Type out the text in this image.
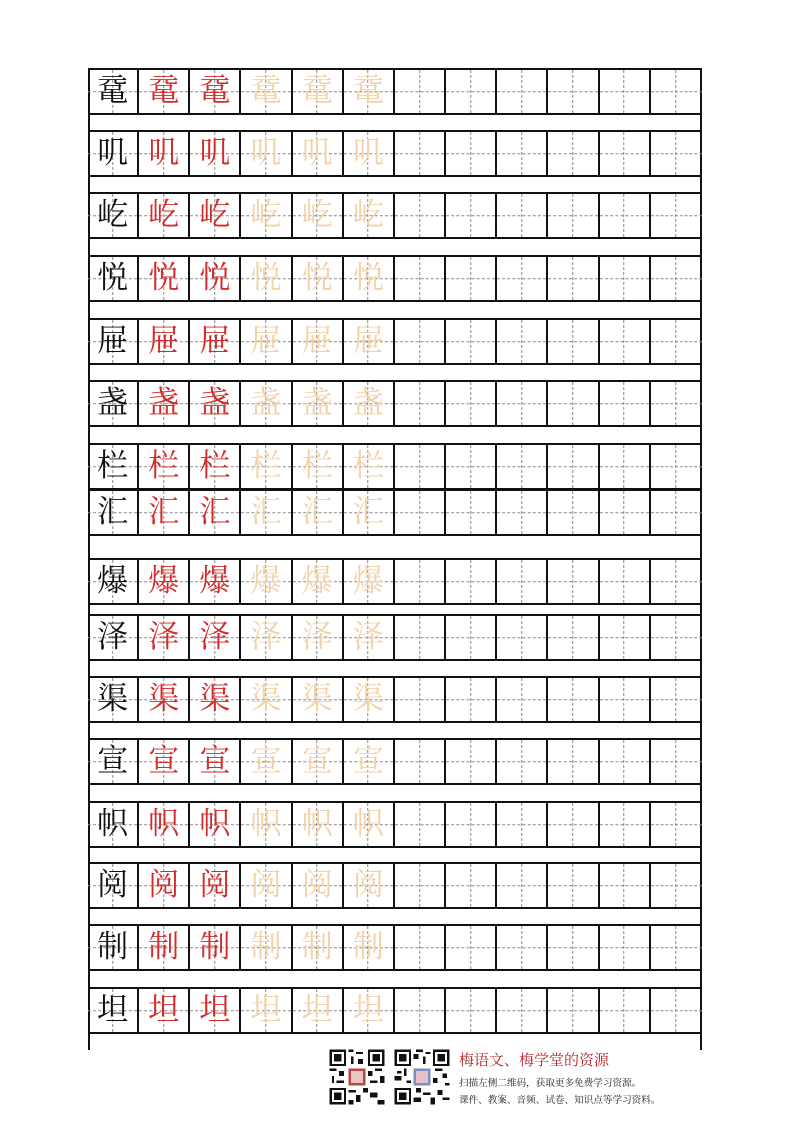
鼋 鼋 鼋 鼋 鼋 鼋
叽 叽 叽 叽 叽 叽
屹 屹 屹 屹 屹 屹
悦 悦 悦 悦 悦 悦
屉 屉 屉 屉 屉 屉
盏 盏 盏 盏 盏 盏
栏 栏 栏 栏 栏 栏
汇 汇 汇 汇 汇 汇
爆 爆 爆 爆 爆 爆
泽 泽 泽 泽 泽 泽
渠 渠 渠 渠 渠 渠
宣 宣 宣 宣 宣 宣
帜 帜 帜 帜 帜 帜
阅 阅 阅 阅 阅 阅
制 制 制 制 制 制
坦 坦 坦 坦 坦 坦
梅语文、梅学堂的资源
扫描左侧二维码，获取更多免费学习资源。
课件、教案、音频、试卷、知识点等学习资料。
